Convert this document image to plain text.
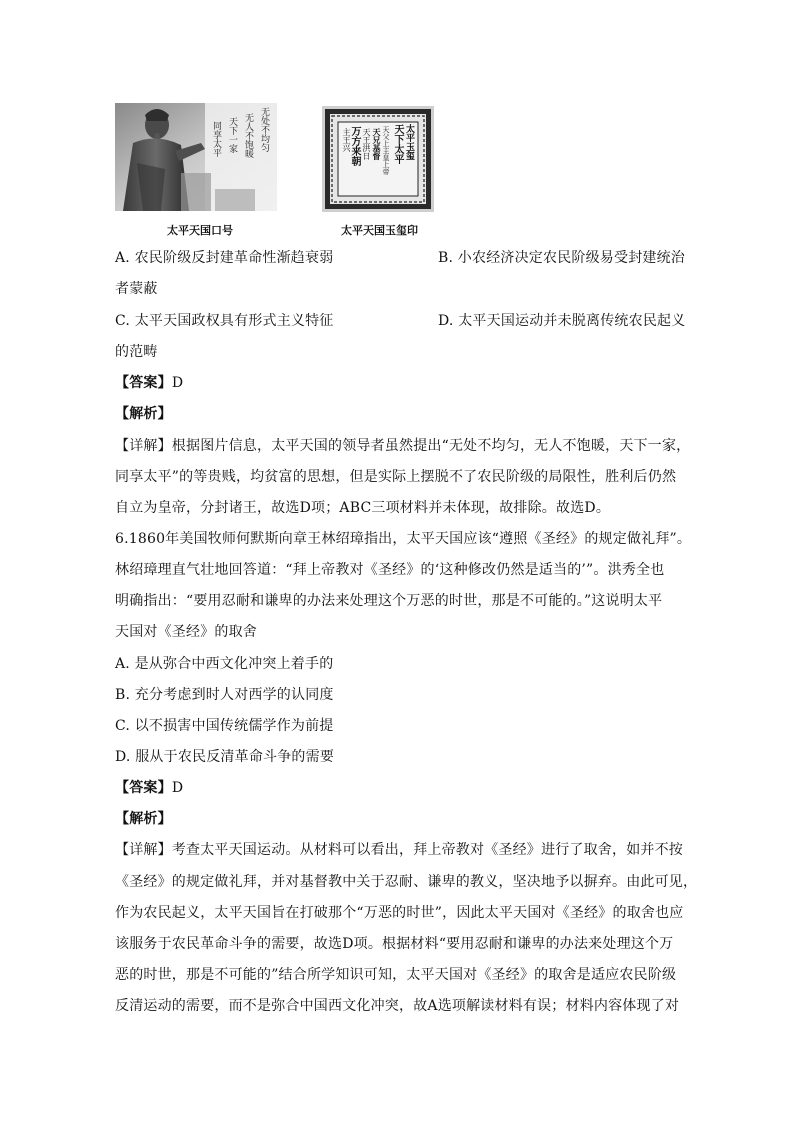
无处不均匀
无人不饱暖
天下一家
同享太平
太平天国口号
太平玉玺
天下太平
天父上主皇上帝
天兄基督
天王洪日
万方来朝
主王兴
太平天国玉玺印
A. 农民阶级反封建革命性渐趋衰弱	B. 小农经济决定农民阶级易受封建统治
者蒙蔽
C. 太平天国政权具有形式主义特征	D. 太平天国运动并未脱离传统农民起义
的范畴
【答案】D
【解析】
【详解】根据图片信息，太平天国的领导者虽然提出“无处不均匀，无人不饱暖，天下一家，
同享太平”的等贵贱，均贫富的思想，但是实际上摆脱不了农民阶级的局限性，胜利后仍然
自立为皇帝，分封诸王，故选D项；ABC三项材料并未体现，故排除。故选D。
6.1860年美国牧师何默斯向章王林绍璋指出，太平天国应该“遵照《圣经》的规定做礼拜”。
林绍璋理直气壮地回答道：“拜上帝教对《圣经》的‘这种修改仍然是适当的’”。洪秀全也
明确指出：“要用忍耐和谦卑的办法来处理这个万恶的时世，那是不可能的。”这说明太平
天国对《圣经》的取舍
A. 是从弥合中西文化冲突上着手的
B. 充分考虑到时人对西学的认同度
C. 以不损害中国传统儒学作为前提
D. 服从于农民反清革命斗争的需要
【答案】D
【解析】
【详解】考查太平天国运动。从材料可以看出，拜上帝教对《圣经》进行了取舍，如并不按
《圣经》的规定做礼拜，并对基督教中关于忍耐、谦卑的教义，坚决地予以摒弃。由此可见，
作为农民起义，太平天国旨在打破那个“万恶的时世”，因此太平天国对《圣经》的取舍也应
该服务于农民革命斗争的需要，故选D项。根据材料“要用忍耐和谦卑的办法来处理这个万
恶的时世，那是不可能的”结合所学知识可知，太平天国对《圣经》的取舍是适应农民阶级
反清运动的需要，而不是弥合中国西文化冲突，故A选项解读材料有误；材料内容体现了对
